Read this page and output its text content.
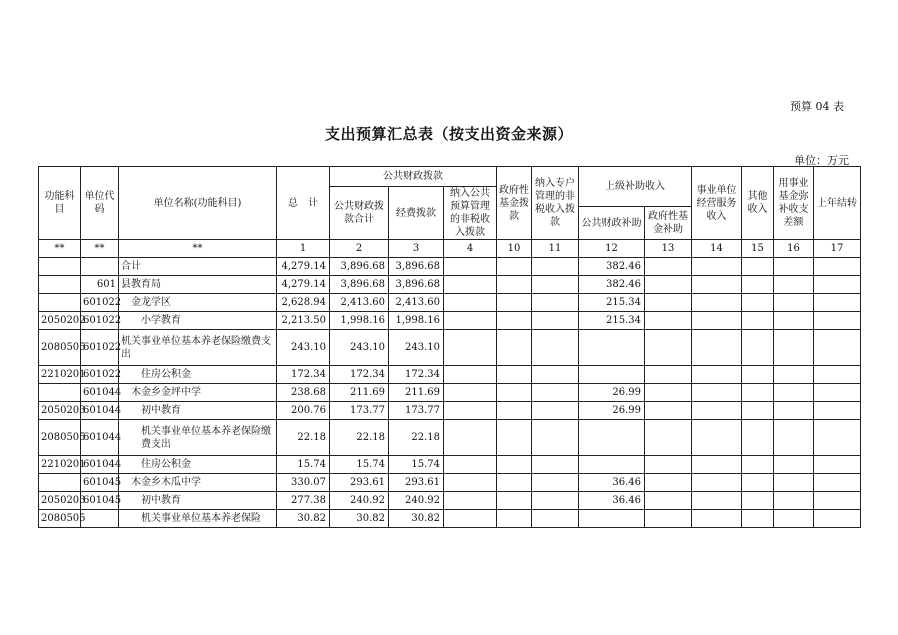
预算 04 表
支出预算汇总表（按支出资金来源）
单位：万元
功能科目	单位代码	单位名称(功能科目)	总　计	公共财政拨款			政府性基金拨款	纳入专户管理的非税收入拨款	上级补助收入		事业单位经营服务收入	其他收入	用事业基金弥补收支差额	上年结转
				公共财政拨款合计	经费拨款	纳入公共预算管理的非税收入拨款								
									公共财政补助	政府性基金补助				
**	**	**	1	2	3	4	10	11	12	13	14	15	16	17
		合计	4,279.14	3,896.68	3,896.68				382.46					
	601	县教育局	4,279.14	3,896.68	3,896.68				382.46					
	601022	金龙学区	2,628.94	2,413.60	2,413.60				215.34					
2050202	601022	小学教育	2,213.50	1,998.16	1,998.16				215.34					
2080505	601022	机关事业单位基本养老保险缴费支出	243.10	243.10	243.10									
2210201	601022	住房公积金	172.34	172.34	172.34									
	601044	木金乡金坪中学	238.68	211.69	211.69				26.99					
2050203	601044	初中教育	200.76	173.77	173.77				26.99					
2080505	601044	机关事业单位基本养老保险缴费支出	22.18	22.18	22.18									
2210201	601044	住房公积金	15.74	15.74	15.74									
	601045	木金乡木瓜中学	330.07	293.61	293.61				36.46					
2050203	601045	初中教育	277.38	240.92	240.92				36.46					
2080505		机关事业单位基本养老保险	30.82	30.82	30.82									
